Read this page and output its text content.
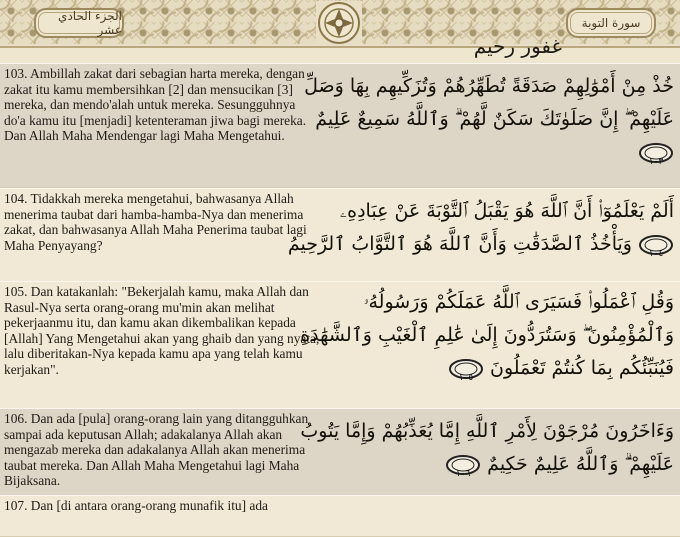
الجزء الحادي عشر	سورة التوبة
غفور رحيم
103. Ambillah zakat dari sebagian harta mereka, dengan zakat itu kamu membersihkan [2] dan mensucikan [3] mereka, dan mendo'alah untuk mereka. Sesungguhnya do'a kamu itu [menjadi] ketenteraman jiwa bagi mereka. Dan Allah Maha Mendengar lagi Maha Mengetahui.
خُذْ مِنْ أَمْوَٰلِهِمْ صَدَقَةً تُطَهِّرُهُمْ وَتُزَكِّيهِم بِهَا وَصَلِّ
عَلَيْهِمْ ۖ إِنَّ صَلَوٰتَكَ سَكَنٌ لَّهُمْ ۗ وَٱللَّهُ سَمِيعٌ عَلِيمٌ
١٠٣
104. Tidakkah mereka mengetahui, bahwasanya Allah menerima taubat dari hamba-hamba-Nya dan menerima zakat, dan bahwasanya Allah Maha Penerima taubat lagi Maha Penyayang?
أَلَمْ يَعْلَمُوٓا۟ أَنَّ ٱللَّهَ هُوَ يَقْبَلُ ٱلتَّوْبَةَ عَنْ عِبَادِهِۦ
١٠٤
وَيَأْخُذُ ٱلصَّدَقَٰتِ وَأَنَّ ٱللَّهَ هُوَ ٱلتَّوَّابُ ٱلرَّحِيمُ
105. Dan katakanlah: "Bekerjalah kamu, maka Allah dan Rasul-Nya serta orang-orang mu'min akan melihat pekerjaanmu itu, dan kamu akan dikembalikan kepada [Allah] Yang Mengetahui akan yang ghaib dan yang nyata, lalu diberitakan-Nya kepada kamu apa yang telah kamu kerjakan".
وَقُلِ ٱعْمَلُوا۟ فَسَيَرَى ٱللَّهُ عَمَلَكُمْ وَرَسُولُهُۥ
وَٱلْمُؤْمِنُونَ ۖ وَسَتُرَدُّونَ إِلَىٰ عَٰلِمِ ٱلْغَيْبِ وَٱلشَّهَٰدَةِ
فَيُنَبِّئُكُم بِمَا كُنتُمْ تَعْمَلُونَ
١٠٥
106. Dan ada [pula] orang-orang lain yang ditangguhkan sampai ada keputusan Allah; adakalanya Allah akan mengazab mereka dan adakalanya Allah akan menerima taubat mereka. Dan Allah Maha Mengetahui lagi Maha Bijaksana.
وَءَاخَرُونَ مُرْجَوْنَ لِأَمْرِ ٱللَّهِ إِمَّا يُعَذِّبُهُمْ وَإِمَّا يَتُوبُ
عَلَيْهِمْ ۗ وَٱللَّهُ عَلِيمٌ حَكِيمٌ
١٠٦
107. Dan [di antara orang-orang munafik itu] ada
